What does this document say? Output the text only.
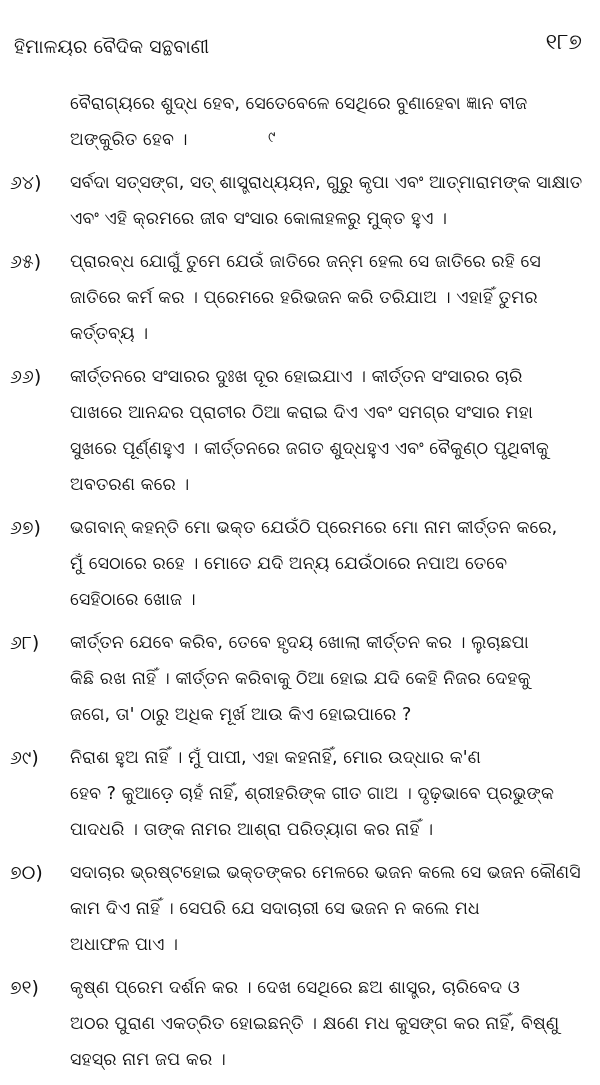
ହିମାଳୟର ବୈଦିକ ସନ୍ଥବାଣୀ	୧୮୭
୯
ବୈରାଗ୍ୟରେ ଶୁଦ୍ଧ ହେବ, ସେତେବେଳେ ସେଥିରେ ବୁଣାହେବା ଜ୍ଞାନ ବୀଜ
ଅଙ୍କୁରିତ ହେବ ।
୬୪)	ସର୍ବଦା ସତ୍‌ସଙ୍ଗ, ସତ୍ ଶାସ୍ତ୍ରାଧ୍ୟୟନ, ଗୁରୁ କୃପା ଏବଂ ଆତ୍ମାରାମଙ୍କ ସାକ୍ଷାତ
ଏବଂ ଏହି କ୍ରମରେ ଜୀବ ସଂସାର କୋଳାହଳରୁ ମୁକ୍ତ ହୁଏ ।
୬୫)	ପ୍ରାରବ୍ଧ ଯୋଗୁଁ ତୁମେ ଯେଉଁ ଜାତିରେ ଜନ୍ମ ହେଲ ସେ ଜାତିରେ ରହି ସେ
ଜାତିରେ କର୍ମ କର । ପ୍ରେମରେ ହରିଭଜନ କରି ତରିଯାଅ । ଏହାହିଁ ତୁମର
କର୍ତ୍ତବ୍ୟ ।
୬୬)	କୀର୍ତ୍ତନରେ ସଂସାରର ଦୁଃଖ ଦୂର ହୋଇଯାଏ । କୀର୍ତ୍ତନ ସଂସାରର ଚାରି
ପାଖରେ ଆନନ୍ଦର ପ୍ରାଚୀର ଠିଆ କରାଇ ଦିଏ ଏବଂ ସମଗ୍ର ସଂସାର ମହା
ସୁଖରେ ପୂର୍ଣ୍ଣହୁଏ । କୀର୍ତ୍ତନରେ ଜଗତ ଶୁଦ୍ଧହୁଏ ଏବଂ ବୈକୁଣ୍ଠ ପୃଥିବୀକୁ
ଅବତରଣ କରେ ।
୬୭)	ଭଗବାନ୍ କହନ୍ତି ମୋ ଭକ୍ତ ଯେଉଁଠି ପ୍ରେମରେ ମୋ ନାମ କୀର୍ତ୍ତନ କରେ,
ମୁଁ ସେଠାରେ ରହେ । ମୋତେ ଯଦି ଅନ୍ୟ ଯେଉଁଠାରେ ନପାଅ ତେବେ
ସେହିଠାରେ ଖୋଜ ।
୬୮)	କୀର୍ତ୍ତନ ଯେବେ କରିବ, ତେବେ ହୃଦୟ ଖୋଲା କୀର୍ତ୍ତନ କର । ଲୁଚାଛପା
କିଛି ରଖ ନାହିଁ । କୀର୍ତ୍ତନ କରିବାକୁ ଠିଆ ହୋଇ ଯଦି କେହି ନିଜର ଦେହକୁ
ଜଗେ, ତା' ଠାରୁ ଅଧିକ ମୂର୍ଖ ଆଉ କିଏ ହୋଇପାରେ ?
୬୯)	ନିରାଶ ହୁଅ ନାହିଁ । ମୁଁ ପାପୀ, ଏହା କହନାହିଁ, ମୋର ଉଦ୍ଧାର କ'ଣ
ହେବ ? କୁଆଡ଼େ ଚାହଁ ନାହିଁ, ଶ୍ରୀହରିଙ୍କ ଗୀତ ଗାଅ । ଦୃଢ଼ଭାବେ ପ୍ରଭୁଙ୍କ
ପାଦଧରି । ତାଙ୍କ ନାମର ଆଶ୍ରା ପରିତ୍ୟାଗ କର ନାହିଁ ।
୭୦)	ସଦାଚାର ଭ୍ରଷ୍ଟହୋଇ ଭକ୍ତଙ୍କର ମେଳରେ ଭଜନ କଲେ ସେ ଭଜନ କୌଣସି
କାମ ଦିଏ ନାହିଁ । ସେପରି ଯେ ସଦାଚାରୀ ସେ ଭଜନ ନ କଲେ ମଧ
ଅଧାଫଳ ପାଏ ।
୭୧)	କୃଷ୍ଣ ପ୍ରେମ ଦର୍ଶନ କର । ଦେଖ ସେଥିରେ ଛଅ ଶାସ୍ତ୍ର, ଚାରିବେଦ ଓ
ଅଠର ପୁରାଣ ଏକତ୍ରିତ ହୋଇଛନ୍ତି । କ୍ଷଣେ ମଧ କୁସଙ୍ଗ କର ନାହିଁ, ବିଷ୍ଣୁ
ସହସ୍ର ନାମ ଜପ କର ।
